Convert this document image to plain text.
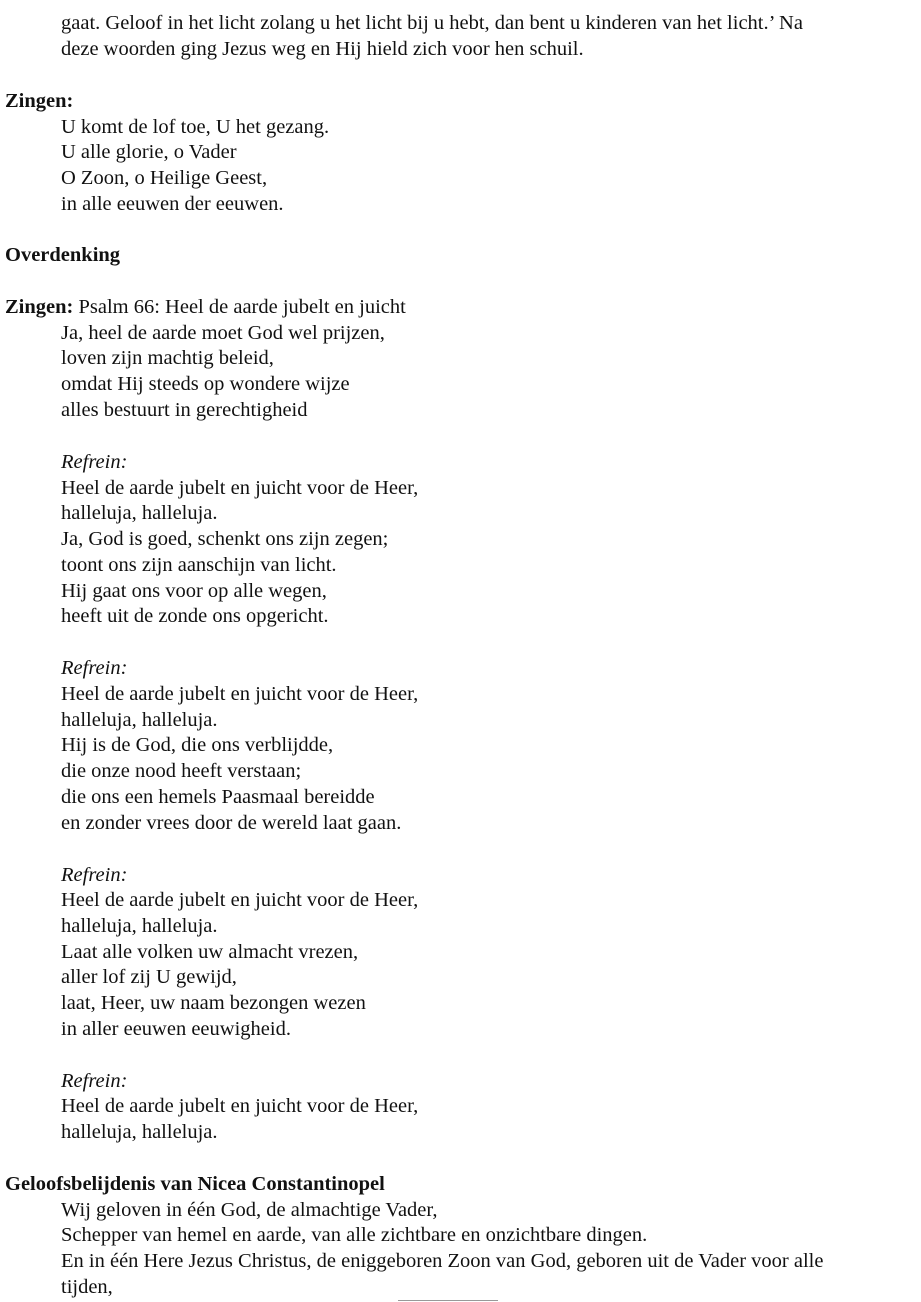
gaat. Geloof in het licht zolang u het licht bij u hebt, dan bent u kinderen van het licht.’ Na
deze woorden ging Jezus weg en Hij hield zich voor hen schuil.
Zingen:
U komt de lof toe, U het gezang.
U alle glorie, o Vader
O Zoon, o Heilige Geest,
in alle eeuwen der eeuwen.
Overdenking
Zingen: Psalm 66: Heel de aarde jubelt en juicht
Ja, heel de aarde moet God wel prijzen,
loven zijn machtig beleid,
omdat Hij steeds op wondere wijze
alles bestuurt in gerechtigheid
Refrein:
Heel de aarde jubelt en juicht voor de Heer,
halleluja, halleluja.
Ja, God is goed, schenkt ons zijn zegen;
toont ons zijn aanschijn van licht.
Hij gaat ons voor op alle wegen,
heeft uit de zonde ons opgericht.
Refrein:
Heel de aarde jubelt en juicht voor de Heer,
halleluja, halleluja.
Hij is de God, die ons verblijdde,
die onze nood heeft verstaan;
die ons een hemels Paasmaal bereidde
en zonder vrees door de wereld laat gaan.
Refrein:
Heel de aarde jubelt en juicht voor de Heer,
halleluja, halleluja.
Laat alle volken uw almacht vrezen,
aller lof zij U gewijd,
laat, Heer, uw naam bezongen wezen
in aller eeuwen eeuwigheid.
Refrein:
Heel de aarde jubelt en juicht voor de Heer,
halleluja, halleluja.
Geloofsbelijdenis van Nicea Constantinopel
Wij geloven in één God, de almachtige Vader,
Schepper van hemel en aarde, van alle zichtbare en onzichtbare dingen.
En in één Here Jezus Christus, de eniggeboren Zoon van God, geboren uit de Vader voor alle
tijden,
